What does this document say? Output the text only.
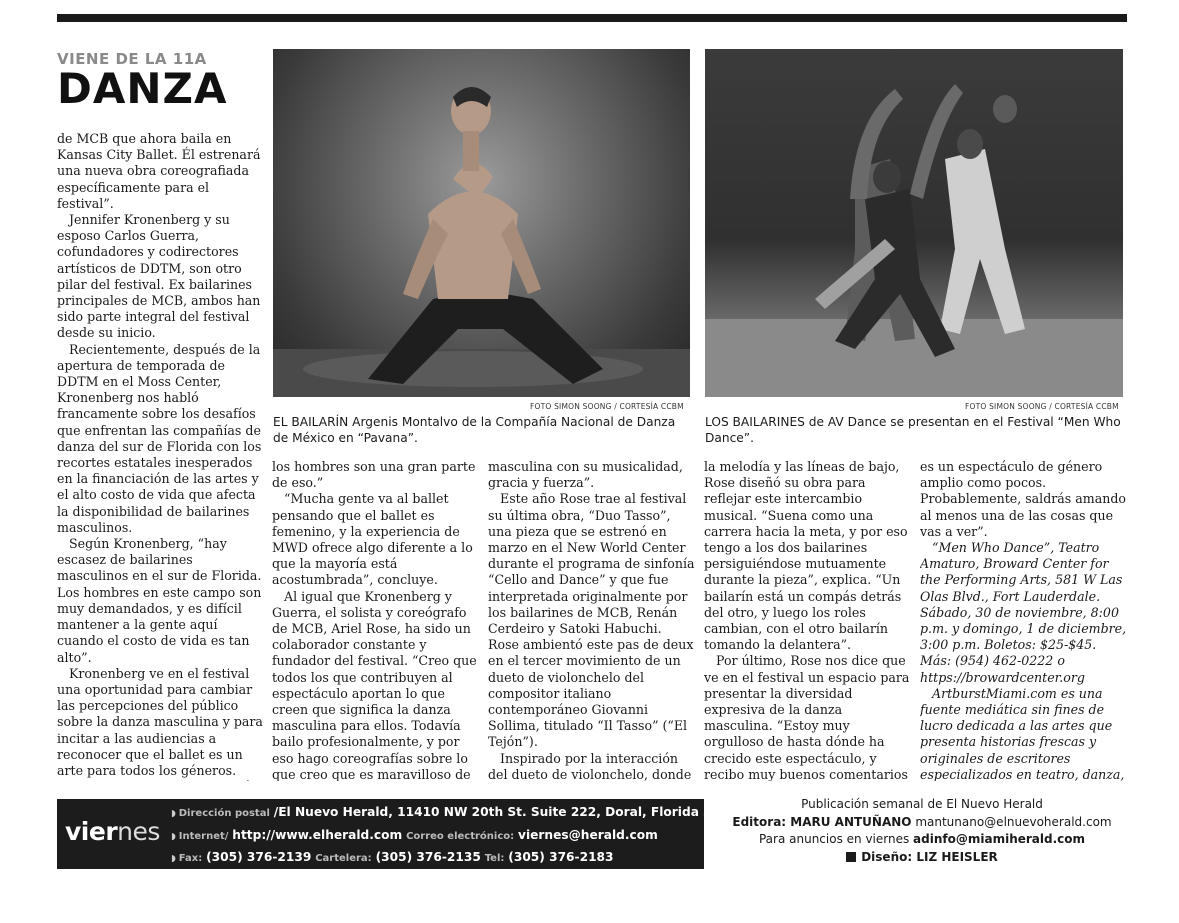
VIENE DE LA 11A
DANZA

de MCB que ahora baila en Kansas City Ballet. Él estrenará una nueva obra coreografiada específicamente para el festival”.

Jennifer Kronenberg y su esposo Carlos Guerra, cofundadores y codirectores artísticos de DDTM, son otro pilar del festival. Ex bailarines principales de MCB, ambos han sido parte integral del festival desde su inicio.

Recientemente, después de la apertura de temporada de DDTM en el Moss Center, Kronenberg nos habló francamente sobre los desafíos que enfrentan las compañías de danza del sur de Florida con los recortes estatales inesperados en la financiación de las artes y el alto costo de vida que afecta la disponibilidad de bailarines masculinos.

Según Kronenberg, “hay escasez de bailarines masculinos en el sur de Florida. Los hombres en este campo son muy demandados, y es difícil mantener a la gente aquí cuando el costo de vida es tan alto”.

Kronenberg ve en el festival una oportunidad para cambiar las percepciones del público sobre la danza masculina y para incitar a las audiencias a reconocer que el ballet es un arte para todos los géneros.

FOTO SIMON SOONG / CORTESÍA CCBM
EL BAILARÍN Argenis Montalvo de la Compañía Nacional de Danza de México en “Pavana”.
FOTO SIMON SOONG / CORTESÍA CCBM
LOS BAILARINES de AV Dance se presentan en el Festival “Men Who Dance”.

los hombres son una gran parte de eso.”

“Mucha gente va al ballet pensando que el ballet es femenino, y la experiencia de MWD ofrece algo diferente a lo que la mayoría está acostumbrada”, concluye.

Al igual que Kronenberg y Guerra, el solista y coreógrafo de MCB, Ariel Rose, ha sido un colaborador constante y fundador del festival. “Creo que todos los que contribuyen al espectáculo aportan lo que creen que significa la danza masculina para ellos. Todavía bailo profesionalmente, y por eso hago coreografías sobre lo que creo que es maravilloso de

masculina con su musicalidad, gracia y fuerza”.

Este año Rose trae al festival su última obra, “Duo Tasso”, una pieza que se estrenó en marzo en el New World Center durante el programa de sinfonía “Cello and Dance” y que fue interpretada originalmente por los bailarines de MCB, Renán Cerdeiro y Satoki Habuchi. Rose ambientó este pas de deux en el tercer movimiento de un dueto de violonchelo del compositor italiano contemporáneo Giovanni Sollima, titulado “Il Tasso” (“El Tejón”).

Inspirado por la interacción del dueto de violonchelo, donde

la melodía y las líneas de bajo, Rose diseñó su obra para reflejar este intercambio musical. “Suena como una carrera hacia la meta, y por eso tengo a los dos bailarines persiguiéndose mutuamente durante la pieza”, explica. “Un bailarín está un compás detrás del otro, y luego los roles cambian, con el otro bailarín tomando la delantera”.

Por último, Rose nos dice que ve en el festival un espacio para presentar la diversidad expresiva de la danza masculina. “Estoy muy orgulloso de hasta dónde ha crecido este espectáculo, y recibo muy buenos comentarios

es un espectáculo de género amplio como pocos. Probablemente, saldrás amando al menos una de las cosas que vas a ver”.

“Men Who Dance”, Teatro Amaturo, Broward Center for the Performing Arts, 581 W Las Olas Blvd., Fort Lauderdale. Sábado, 30 de noviembre, 8:00 p.m. y domingo, 1 de diciembre, 3:00 p.m. Boletos: $25-$45. Más: (954) 462-0222 o https://browardcenter.org

ArtburstMiami.com es una fuente mediática sin fines de lucro dedicada a las artes que presenta historias frescas y originales de escritores especializados en teatro, danza,

viernes
◗ Dirección postal /El Nuevo Herald, 11410 NW 20th St. Suite 222, Doral, Florida 33172
◗ Internet/ http://www.elherald.com Correo electrónico: viernes@herald.com
◗ Fax: (305) 376-2139 Cartelera: (305) 376-2135 Tel: (305) 376-2183
Publicación semanal de El Nuevo Herald
Editora: MARU ANTUÑANO mantunano@elnuevoherald.com
Para anuncios en viernes adinfo@miamiherald.com
Diseño: LIZ HEISLER
